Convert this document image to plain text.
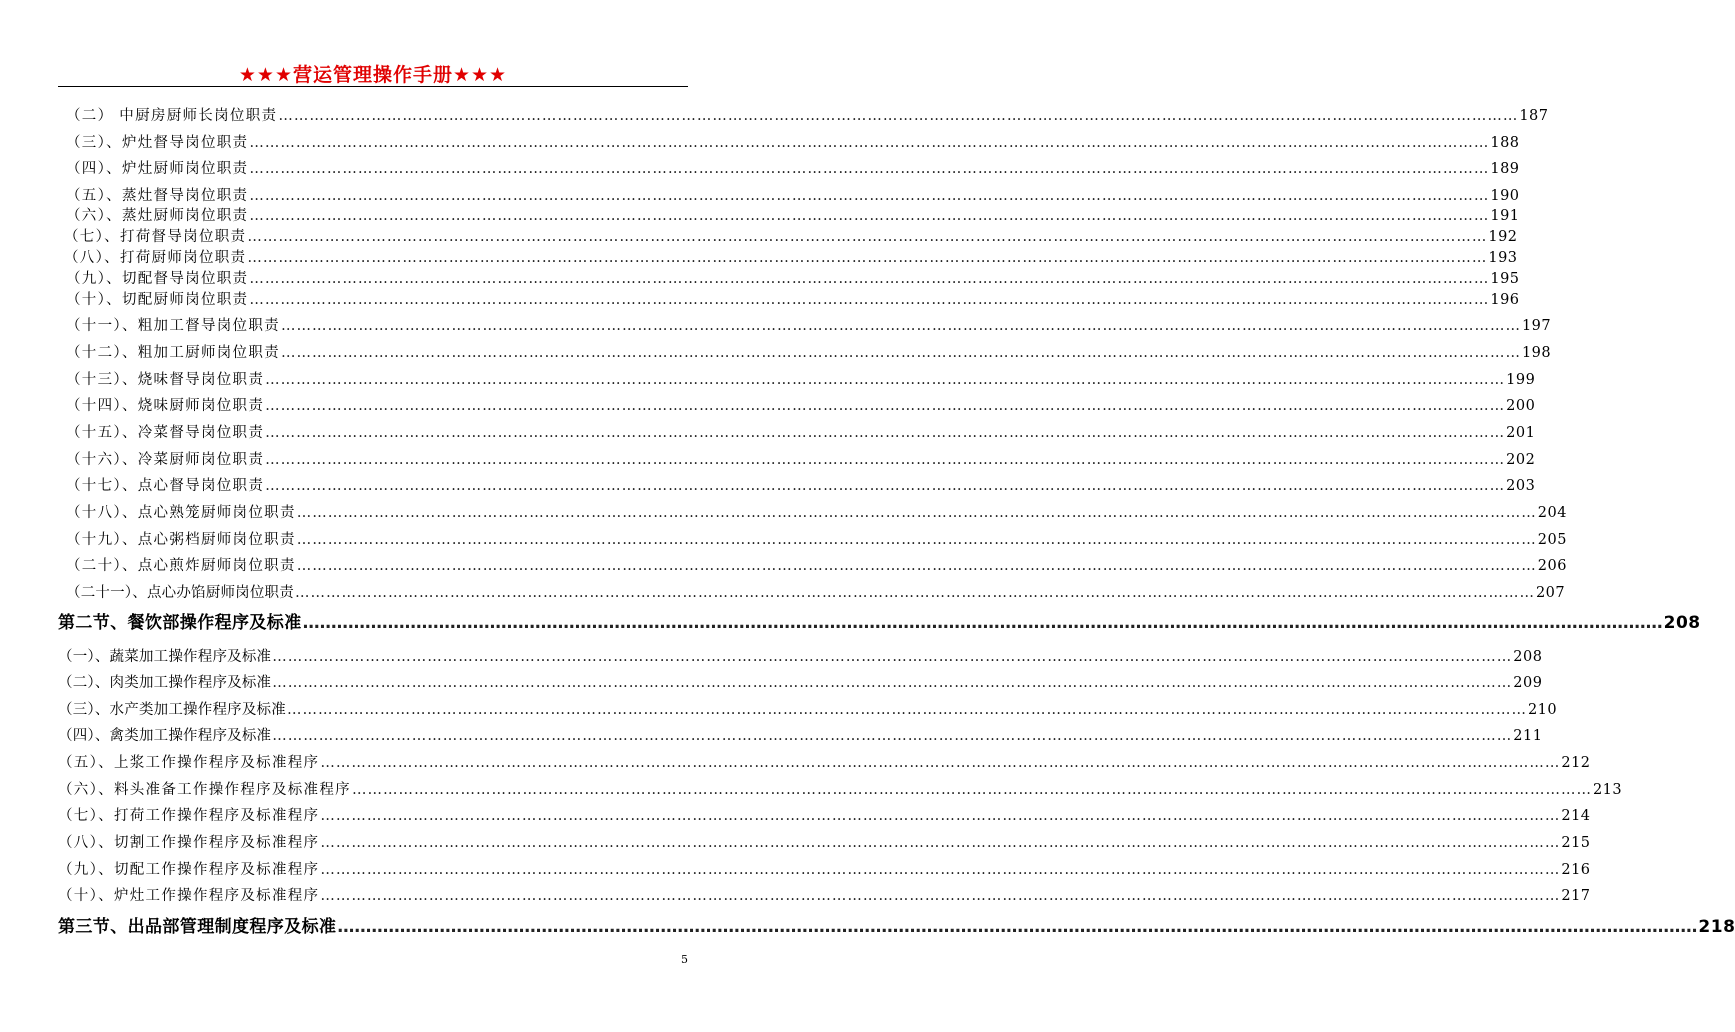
★★★营运管理操作手册★★★
（二） 中厨房厨师长岗位职责 …………………………………………………………………………………………………………………………………………………………………………………………………………………… 187
（三）、炉灶督导岗位职责 …………………………………………………………………………………………………………………………………………………………………………………………………………………… 188
（四）、炉灶厨师岗位职责 …………………………………………………………………………………………………………………………………………………………………………………………………………………… 189
（五）、蒸灶督导岗位职责 …………………………………………………………………………………………………………………………………………………………………………………………………………………… 190
（六）、蒸灶厨师岗位职责 …………………………………………………………………………………………………………………………………………………………………………………………………………………… 191
（七）、打荷督导岗位职责 …………………………………………………………………………………………………………………………………………………………………………………………………………………… 192
（八）、打荷厨师岗位职责 …………………………………………………………………………………………………………………………………………………………………………………………………………………… 193
（九）、切配督导岗位职责 …………………………………………………………………………………………………………………………………………………………………………………………………………………… 195
（十）、切配厨师岗位职责 …………………………………………………………………………………………………………………………………………………………………………………………………………………… 196
（十一）、粗加工督导岗位职责 …………………………………………………………………………………………………………………………………………………………………………………………………………………… 197
（十二）、粗加工厨师岗位职责 …………………………………………………………………………………………………………………………………………………………………………………………………………………… 198
（十三）、烧味督导岗位职责 …………………………………………………………………………………………………………………………………………………………………………………………………………………… 199
（十四）、烧味厨师岗位职责 …………………………………………………………………………………………………………………………………………………………………………………………………………………… 200
（十五）、冷菜督导岗位职责 …………………………………………………………………………………………………………………………………………………………………………………………………………………… 201
（十六）、冷菜厨师岗位职责 …………………………………………………………………………………………………………………………………………………………………………………………………………………… 202
（十七）、点心督导岗位职责 …………………………………………………………………………………………………………………………………………………………………………………………………………………… 203
（十八）、点心熟笼厨师岗位职责 …………………………………………………………………………………………………………………………………………………………………………………………………………………… 204
（十九）、点心粥档厨师岗位职责 …………………………………………………………………………………………………………………………………………………………………………………………………………………… 205
（二十）、点心煎炸厨师岗位职责 …………………………………………………………………………………………………………………………………………………………………………………………………………………… 206
（二十一）、点心办馅厨师岗位职责 …………………………………………………………………………………………………………………………………………………………………………………………………………………… 207
第二节、餐饮部操作程序及标准 …………………………………………………………………………………………………………………………………………………………………………………………………………………… 208
（一）、蔬菜加工操作程序及标准 …………………………………………………………………………………………………………………………………………………………………………………………………………………… 208
（二）、肉类加工操作程序及标准 …………………………………………………………………………………………………………………………………………………………………………………………………………………… 209
（三）、水产类加工操作程序及标准 …………………………………………………………………………………………………………………………………………………………………………………………………………………… 210
（四）、禽类加工操作程序及标准 …………………………………………………………………………………………………………………………………………………………………………………………………………………… 211
（五）、上浆工作操作程序及标准程序 …………………………………………………………………………………………………………………………………………………………………………………………………………………… 212
（六）、料头准备工作操作程序及标准程序 …………………………………………………………………………………………………………………………………………………………………………………………………………………… 213
（七）、打荷工作操作程序及标准程序 …………………………………………………………………………………………………………………………………………………………………………………………………………………… 214
（八）、切割工作操作程序及标准程序 …………………………………………………………………………………………………………………………………………………………………………………………………………………… 215
（九）、切配工作操作程序及标准程序 …………………………………………………………………………………………………………………………………………………………………………………………………………………… 216
（十）、炉灶工作操作程序及标准程序 …………………………………………………………………………………………………………………………………………………………………………………………………………………… 217
第三节、出品部管理制度程序及标准 …………………………………………………………………………………………………………………………………………………………………………………………………………………… 218
5
